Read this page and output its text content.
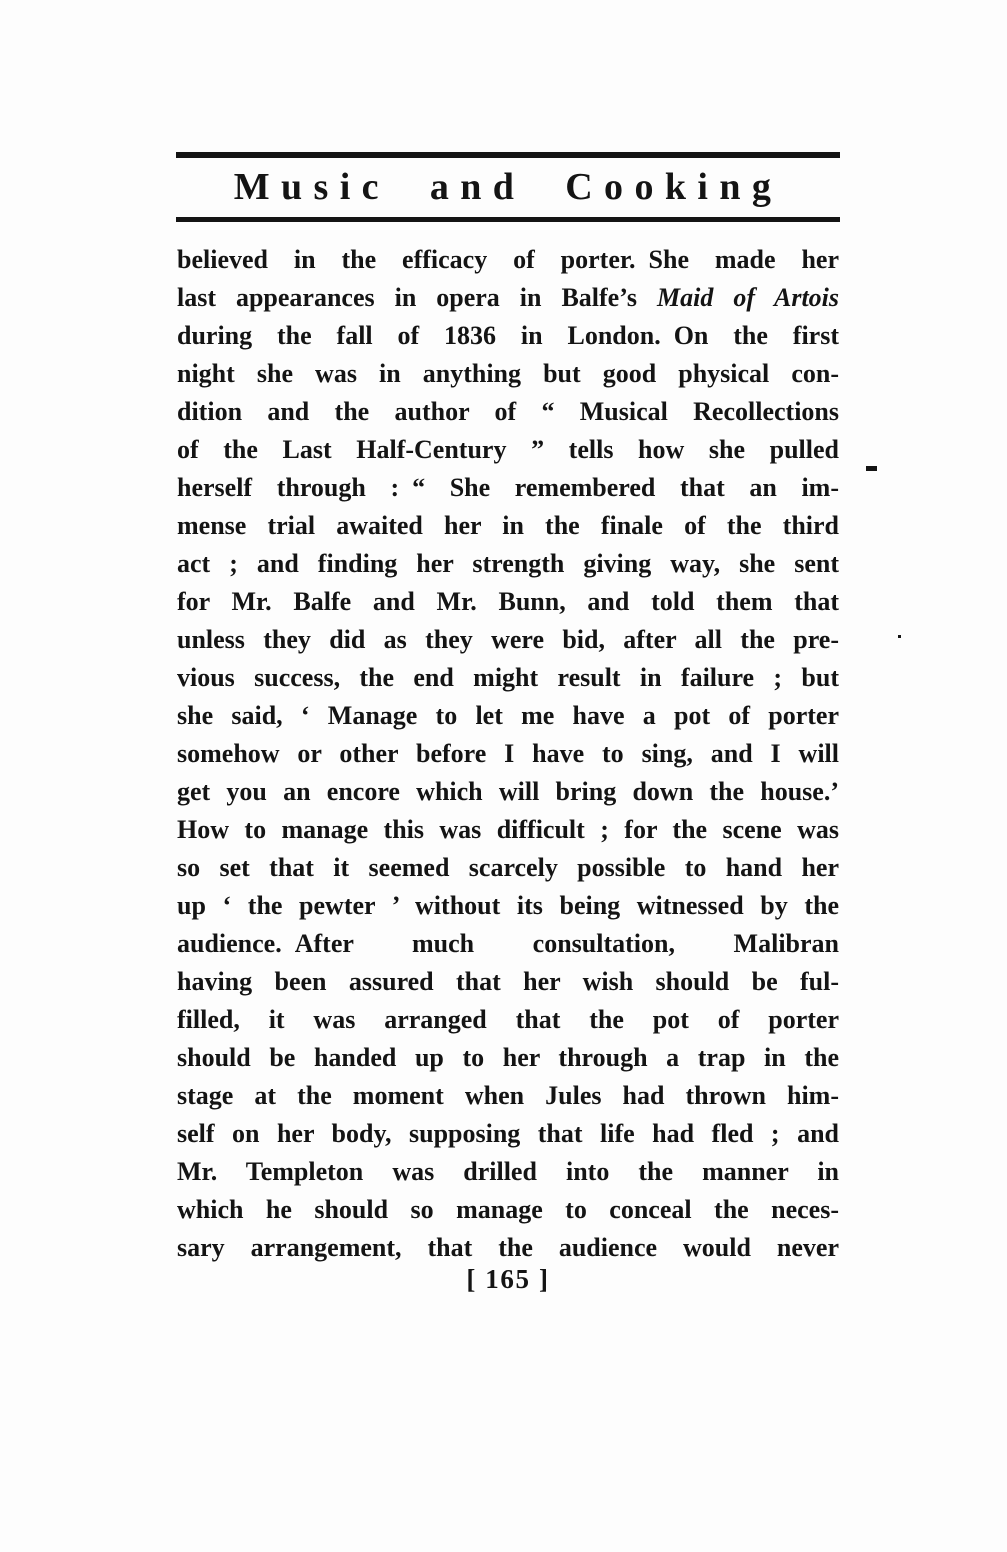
Music and Cooking
believed in the efficacy of porter. She made her
last appearances in opera in Balfe’s Maid of Artois
during the fall of 1836 in London. On the first
night she was in anything but good physical con-
dition and the author of “ Musical Recollections
of the Last Half-Century ” tells how she pulled
herself through : “ She remembered that an im-
mense trial awaited her in the finale of the third
act ; and finding her strength giving way, she sent
for Mr. Balfe and Mr. Bunn, and told them that
unless they did as they were bid, after all the pre-
vious success, the end might result in failure ; but
she said, ‘ Manage to let me have a pot of porter
somehow or other before I have to sing, and I will
get you an encore which will bring down the house.’
How to manage this was difficult ; for the scene was
so set that it seemed scarcely possible to hand her
up ‘ the pewter ’ without its being witnessed by the
audience. After much consultation, Malibran
having been assured that her wish should be ful-
filled, it was arranged that the pot of porter
should be handed up to her through a trap in the
stage at the moment when Jules had thrown him-
self on her body, supposing that life had fled ; and
Mr. Templeton was drilled into the manner in
which he should so manage to conceal the neces-
sary arrangement, that the audience would never
[ 165 ]
